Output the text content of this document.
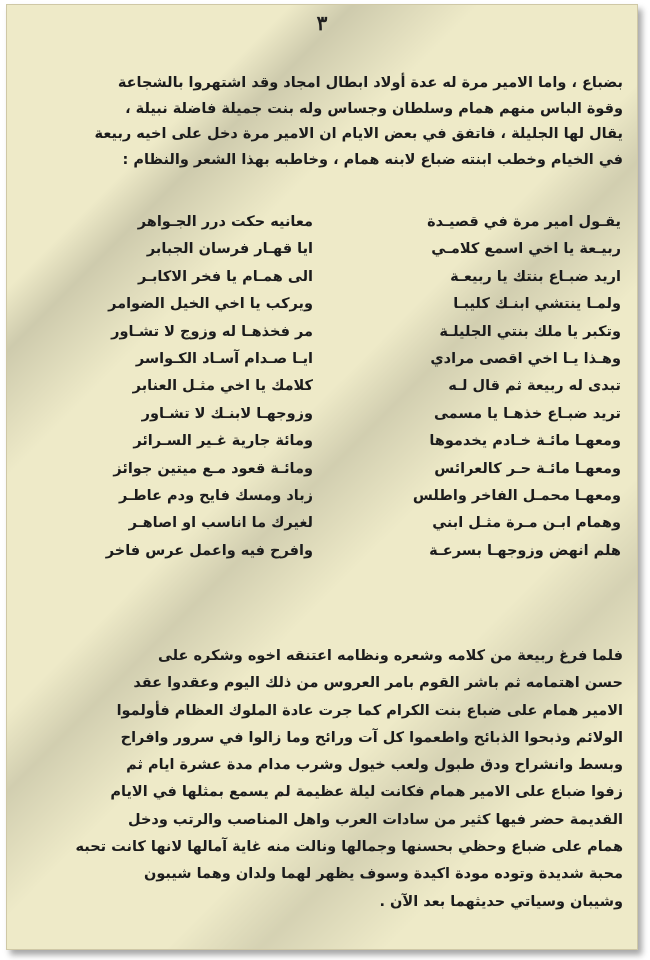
٣
بضباع ، واما الامير مرة له عدة أولاد ابطال امجاد وقد اشتهروا بالشجاعة
وقوة الباس منهم همام وسلطان وجساس وله بنت جميلة فاضلة نبيلة ،
يقال لها الجليلة ، فاتفق في بعض الايام ان الامير مرة دخل على اخيه ربيعة
في الخيام وخطب ابنته ضباع لابنه همام ، وخاطبه بهذا الشعر والنظام :
يقـول امير مرة في قصيـدة
معانيه حكت درر الجـواهر
ربيـعة يا اخي اسمع كلامـي
ايا قهـار فرسان الجبابر
اريد ضبـاع بنتك يا ربيعـة
الى همـام يا فخر الاكابـر
ولمـا ينتشي ابنـك كليبـا
ويركب يا اخي الخيل الضوامر
وتكبر يا ملك بنتي الجليلـة
مر فخذهـا له وزوج لا تشـاور
وهـذا يـا اخي اقصى مرادي
ايـا صـدام آسـاد الكـواسر
تبدى له ربيعة ثم قال لـه
كلامك يا اخي مثـل العنابر
تريد ضبـاع خذهـا يا مسمى
وزوجهـا لابنـك لا تشـاور
ومعهـا مائـة خـادم يخدموها
ومائة جارية غـير السـرائر
ومعهـا مائـة حـر كالعرائس
ومائـة قعود مـع ميتين جوائز
ومعهـا محمـل الفاخر واطلس
زباد ومسك فايح ودم عاطـر
وهمام ابـن مـرة مثـل ابني
لغيرك ما اناسب او اصاهـر
هلم انهض وزوجهـا بسرعـة
وافرح فيه واعمل عرس فاخر
فلما فرغ ربيعة من كلامه وشعره ونظامه اعتنقه اخوه وشكره على
حسن اهتمامه ثم باشر القوم بامر العروس من ذلك اليوم وعقدوا عقد
الامير همام على ضباع بنت الكرام كما جرت عادة الملوك العظام فأولموا
الولائم وذبحوا الذبائح واطعموا كل آت ورائح وما زالوا في سرور وافراح
وبسط وانشراح ودق طبول ولعب خيول وشرب مدام مدة عشرة ايام ثم
زفوا ضباع على الامير همام فكانت ليلة عظيمة لم يسمع بمثلها في الايام
القديمة حضر فيها كثير من سادات العرب واهل المناصب والرتب ودخل
همام على ضباع وحظي بحسنها وجمالها ونالت منه غاية آمالها لانها كانت تحبه
محبة شديدة وتوده مودة اكيدة وسوف يظهر لهما ولدان وهما شيبون
وشيبان وسياتي حديثهما بعد الآن .
